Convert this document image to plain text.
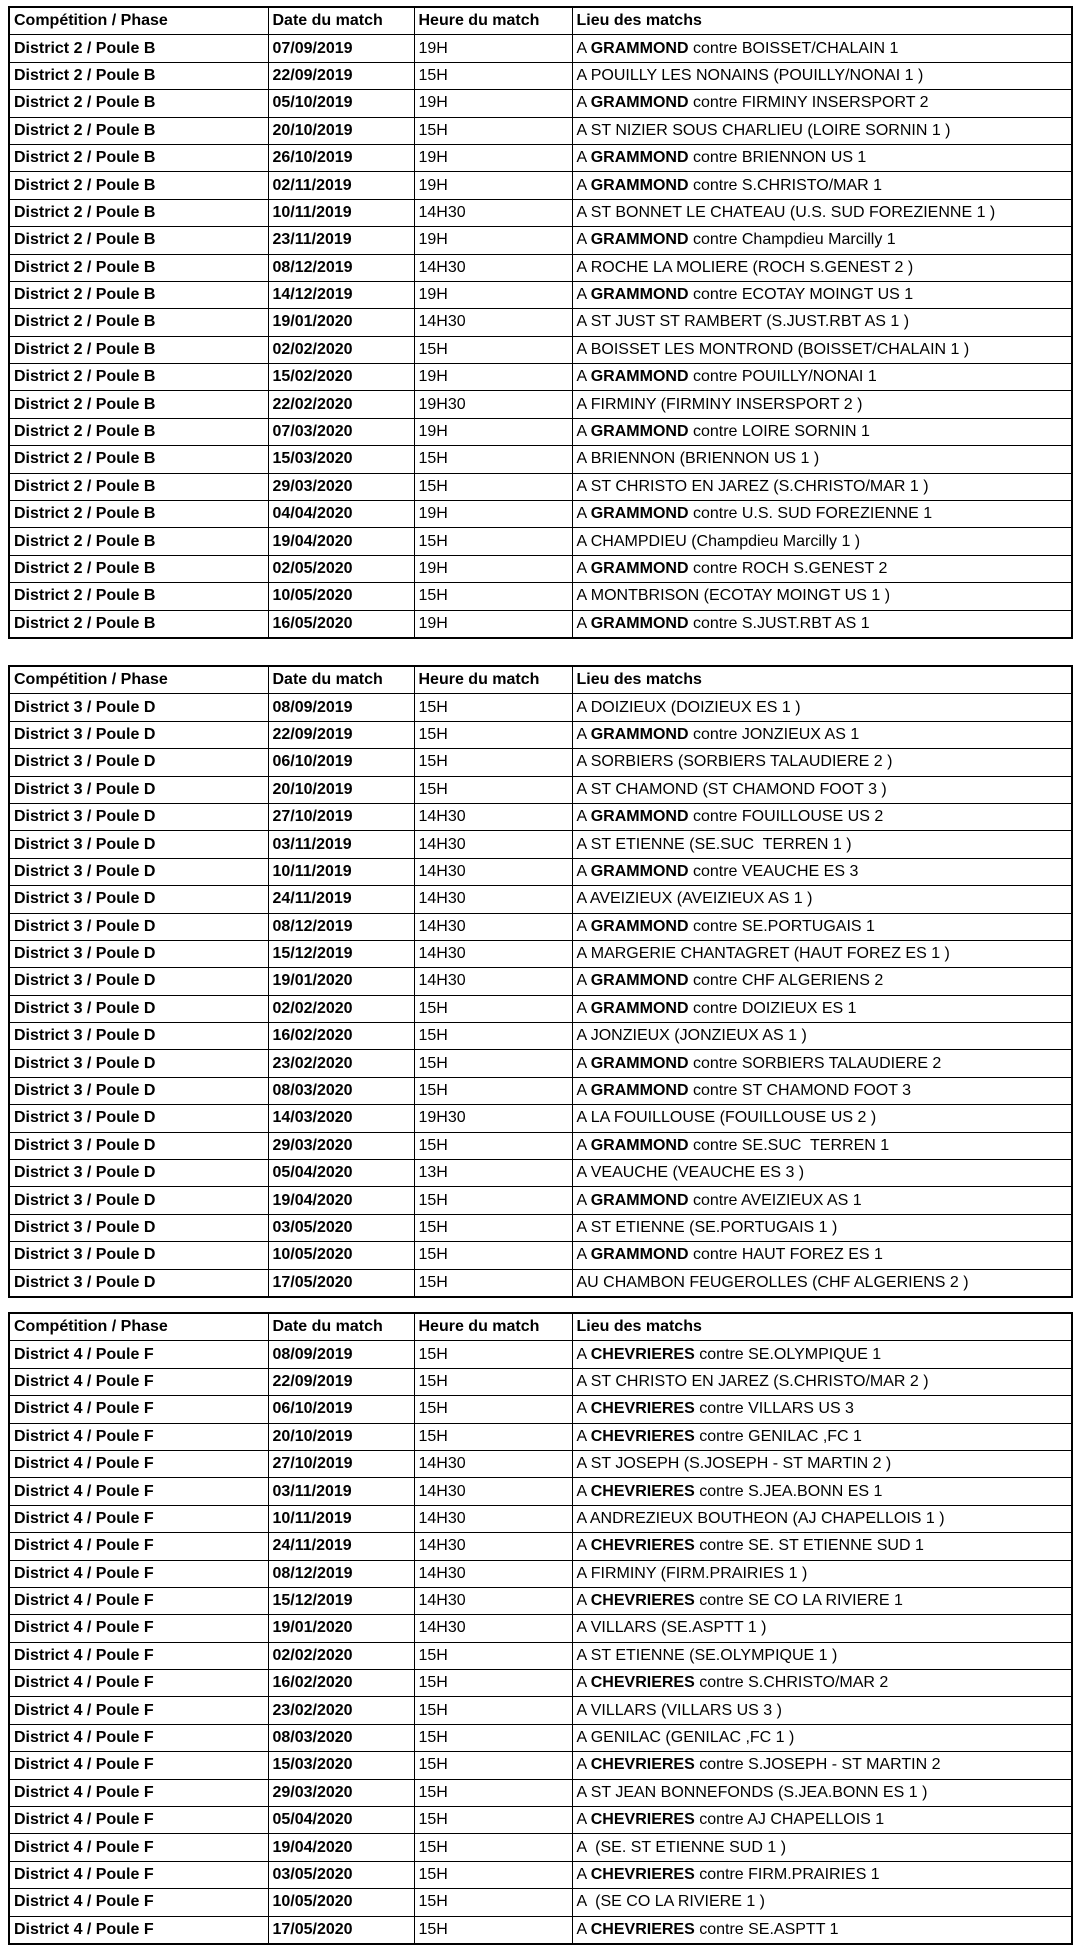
Compétition / Phase	Date du match	Heure du match	Lieu des matchs
District 2 / Poule B	07/09/2019	19H	A GRAMMOND contre BOISSET/CHALAIN 1
District 2 / Poule B	22/09/2019	15H	A POUILLY LES NONAINS (POUILLY/NONAI 1 )
District 2 / Poule B	05/10/2019	19H	A GRAMMOND contre FIRMINY INSERSPORT 2
District 2 / Poule B	20/10/2019	15H	A ST NIZIER SOUS CHARLIEU (LOIRE SORNIN 1 )
District 2 / Poule B	26/10/2019	19H	A GRAMMOND contre BRIENNON US 1
District 2 / Poule B	02/11/2019	19H	A GRAMMOND contre S.CHRISTO/MAR 1
District 2 / Poule B	10/11/2019	14H30	A ST BONNET LE CHATEAU (U.S. SUD FOREZIENNE 1 )
District 2 / Poule B	23/11/2019	19H	A GRAMMOND contre Champdieu Marcilly 1
District 2 / Poule B	08/12/2019	14H30	A ROCHE LA MOLIERE (ROCH S.GENEST 2 )
District 2 / Poule B	14/12/2019	19H	A GRAMMOND contre ECOTAY MOINGT US 1
District 2 / Poule B	19/01/2020	14H30	A ST JUST ST RAMBERT (S.JUST.RBT AS 1 )
District 2 / Poule B	02/02/2020	15H	A BOISSET LES MONTROND (BOISSET/CHALAIN 1 )
District 2 / Poule B	15/02/2020	19H	A GRAMMOND contre POUILLY/NONAI 1
District 2 / Poule B	22/02/2020	19H30	A FIRMINY (FIRMINY INSERSPORT 2 )
District 2 / Poule B	07/03/2020	19H	A GRAMMOND contre LOIRE SORNIN 1
District 2 / Poule B	15/03/2020	15H	A BRIENNON (BRIENNON US 1 )
District 2 / Poule B	29/03/2020	15H	A ST CHRISTO EN JAREZ (S.CHRISTO/MAR 1 )
District 2 / Poule B	04/04/2020	19H	A GRAMMOND contre U.S. SUD FOREZIENNE 1
District 2 / Poule B	19/04/2020	15H	A CHAMPDIEU (Champdieu Marcilly 1 )
District 2 / Poule B	02/05/2020	19H	A GRAMMOND contre ROCH S.GENEST 2
District 2 / Poule B	10/05/2020	15H	A MONTBRISON (ECOTAY MOINGT US 1 )
District 2 / Poule B	16/05/2020	19H	A GRAMMOND contre S.JUST.RBT AS 1
Compétition / Phase	Date du match	Heure du match	Lieu des matchs
District 3 / Poule D	08/09/2019	15H	A DOIZIEUX (DOIZIEUX ES 1 )
District 3 / Poule D	22/09/2019	15H	A GRAMMOND contre JONZIEUX AS 1
District 3 / Poule D	06/10/2019	15H	A SORBIERS (SORBIERS TALAUDIERE 2 )
District 3 / Poule D	20/10/2019	15H	A ST CHAMOND (ST CHAMOND FOOT 3 )
District 3 / Poule D	27/10/2019	14H30	A GRAMMOND contre FOUILLOUSE US 2
District 3 / Poule D	03/11/2019	14H30	A ST ETIENNE (SE.SUC  TERREN 1 )
District 3 / Poule D	10/11/2019	14H30	A GRAMMOND contre VEAUCHE ES 3
District 3 / Poule D	24/11/2019	14H30	A AVEIZIEUX (AVEIZIEUX AS 1 )
District 3 / Poule D	08/12/2019	14H30	A GRAMMOND contre SE.PORTUGAIS 1
District 3 / Poule D	15/12/2019	14H30	A MARGERIE CHANTAGRET (HAUT FOREZ ES 1 )
District 3 / Poule D	19/01/2020	14H30	A GRAMMOND contre CHF ALGERIENS 2
District 3 / Poule D	02/02/2020	15H	A GRAMMOND contre DOIZIEUX ES 1
District 3 / Poule D	16/02/2020	15H	A JONZIEUX (JONZIEUX AS 1 )
District 3 / Poule D	23/02/2020	15H	A GRAMMOND contre SORBIERS TALAUDIERE 2
District 3 / Poule D	08/03/2020	15H	A GRAMMOND contre ST CHAMOND FOOT 3
District 3 / Poule D	14/03/2020	19H30	A LA FOUILLOUSE (FOUILLOUSE US 2 )
District 3 / Poule D	29/03/2020	15H	A GRAMMOND contre SE.SUC  TERREN 1
District 3 / Poule D	05/04/2020	13H	A VEAUCHE (VEAUCHE ES 3 )
District 3 / Poule D	19/04/2020	15H	A GRAMMOND contre AVEIZIEUX AS 1
District 3 / Poule D	03/05/2020	15H	A ST ETIENNE (SE.PORTUGAIS 1 )
District 3 / Poule D	10/05/2020	15H	A GRAMMOND contre HAUT FOREZ ES 1
District 3 / Poule D	17/05/2020	15H	AU CHAMBON FEUGEROLLES (CHF ALGERIENS 2 )
Compétition / Phase	Date du match	Heure du match	Lieu des matchs
District 4 / Poule F	08/09/2019	15H	A CHEVRIERES contre SE.OLYMPIQUE 1
District 4 / Poule F	22/09/2019	15H	A ST CHRISTO EN JAREZ (S.CHRISTO/MAR 2 )
District 4 / Poule F	06/10/2019	15H	A CHEVRIERES contre VILLARS US 3
District 4 / Poule F	20/10/2019	15H	A CHEVRIERES contre GENILAC ,FC 1
District 4 / Poule F	27/10/2019	14H30	A ST JOSEPH (S.JOSEPH - ST MARTIN 2 )
District 4 / Poule F	03/11/2019	14H30	A CHEVRIERES contre S.JEA.BONN ES 1
District 4 / Poule F	10/11/2019	14H30	A ANDREZIEUX BOUTHEON (AJ CHAPELLOIS 1 )
District 4 / Poule F	24/11/2019	14H30	A CHEVRIERES contre SE. ST ETIENNE SUD 1
District 4 / Poule F	08/12/2019	14H30	A FIRMINY (FIRM.PRAIRIES 1 )
District 4 / Poule F	15/12/2019	14H30	A CHEVRIERES contre SE CO LA RIVIERE 1
District 4 / Poule F	19/01/2020	14H30	A VILLARS (SE.ASPTT 1 )
District 4 / Poule F	02/02/2020	15H	A ST ETIENNE (SE.OLYMPIQUE 1 )
District 4 / Poule F	16/02/2020	15H	A CHEVRIERES contre S.CHRISTO/MAR 2
District 4 / Poule F	23/02/2020	15H	A VILLARS (VILLARS US 3 )
District 4 / Poule F	08/03/2020	15H	A GENILAC (GENILAC ,FC 1 )
District 4 / Poule F	15/03/2020	15H	A CHEVRIERES contre S.JOSEPH - ST MARTIN 2
District 4 / Poule F	29/03/2020	15H	A ST JEAN BONNEFONDS (S.JEA.BONN ES 1 )
District 4 / Poule F	05/04/2020	15H	A CHEVRIERES contre AJ CHAPELLOIS 1
District 4 / Poule F	19/04/2020	15H	A  (SE. ST ETIENNE SUD 1 )
District 4 / Poule F	03/05/2020	15H	A CHEVRIERES contre FIRM.PRAIRIES 1
District 4 / Poule F	10/05/2020	15H	A  (SE CO LA RIVIERE 1 )
District 4 / Poule F	17/05/2020	15H	A CHEVRIERES contre SE.ASPTT 1
